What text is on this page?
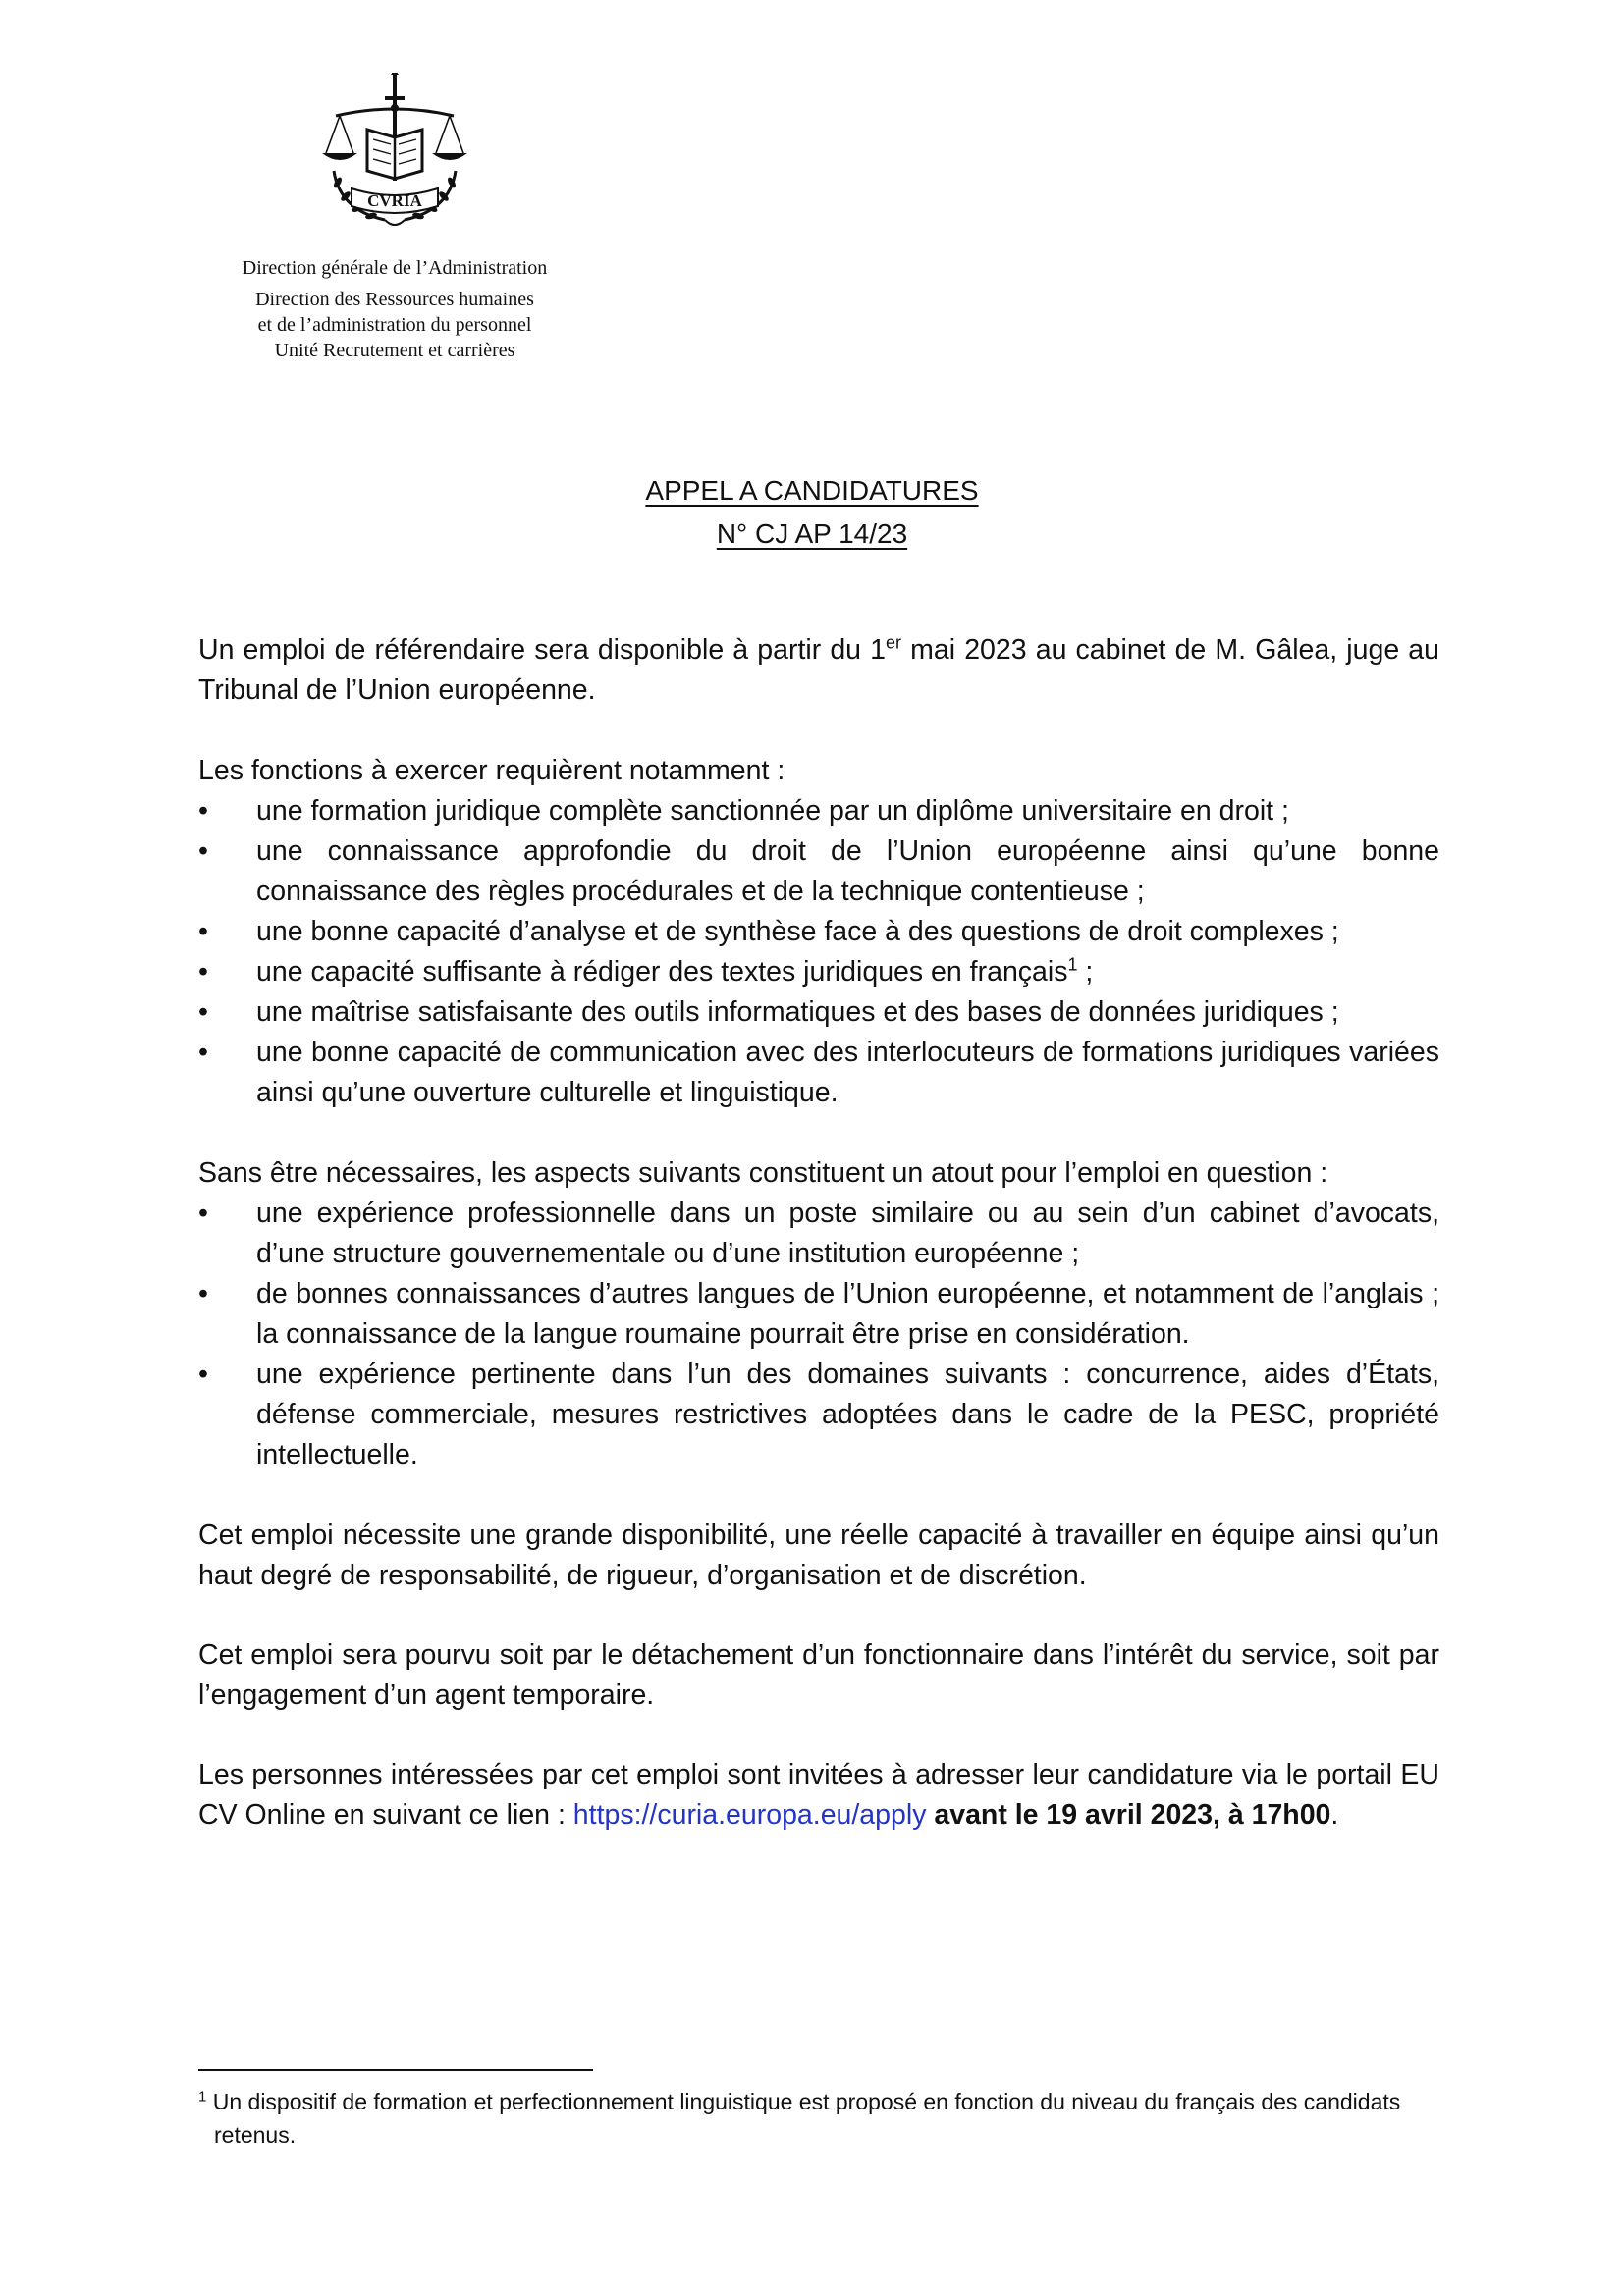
CVRIA
Direction générale de l’Administration
Direction des Ressources humaines
et de l’administration du personnel
Unité Recrutement et carrières
APPEL A CANDIDATURES
N° CJ AP 14/23

Un emploi de référendaire sera disponible à partir du 1er mai 2023 au cabinet de M. Gâlea, juge au Tribunal de l’Union européenne.

Les fonctions à exercer requièrent notamment :

•	une formation juridique complète sanctionnée par un diplôme universitaire en droit ;
•	une connaissance approfondie du droit de l’Union européenne ainsi qu’une bonne connaissance des règles procédurales et de la technique contentieuse ;
•	une bonne capacité d’analyse et de synthèse face à des questions de droit complexes ;
•	une capacité suffisante à rédiger des textes juridiques en français$^1$ ;
•	une maîtrise satisfaisante des outils informatiques et des bases de données juridiques ;
•	une bonne capacité de communication avec des interlocuteurs de formations juridiques variées ainsi qu’une ouverture culturelle et linguistique.

Sans être nécessaires, les aspects suivants constituent un atout pour l’emploi en question :

•	une expérience professionnelle dans un poste similaire ou au sein d’un cabinet d’avocats, d’une structure gouvernementale ou d’une institution européenne ;
•	de bonnes connaissances d’autres langues de l’Union européenne, et notamment de l’anglais ; la connaissance de la langue roumaine pourrait être prise en considération.
•	une expérience pertinente dans l’un des domaines suivants : concurrence, aides d’États, défense commerciale, mesures restrictives adoptées dans le cadre de la PESC, propriété intellectuelle.

Cet emploi nécessite une grande disponibilité, une réelle capacité à travailler en équipe ainsi qu’un haut degré de responsabilité, de rigueur, d’organisation et de discrétion.

Cet emploi sera pourvu soit par le détachement d’un fonctionnaire dans l’intérêt du service, soit par l’engagement d’un agent temporaire.

Les personnes intéressées par cet emploi sont invitées à adresser leur candidature via le portail EU CV Online en suivant ce lien : https://curia.europa.eu/apply avant le 19 avril 2023, à 17h00.

$^1$ Un dispositif de formation et perfectionnement linguistique est proposé en fonction du niveau du français des candidats retenus.
